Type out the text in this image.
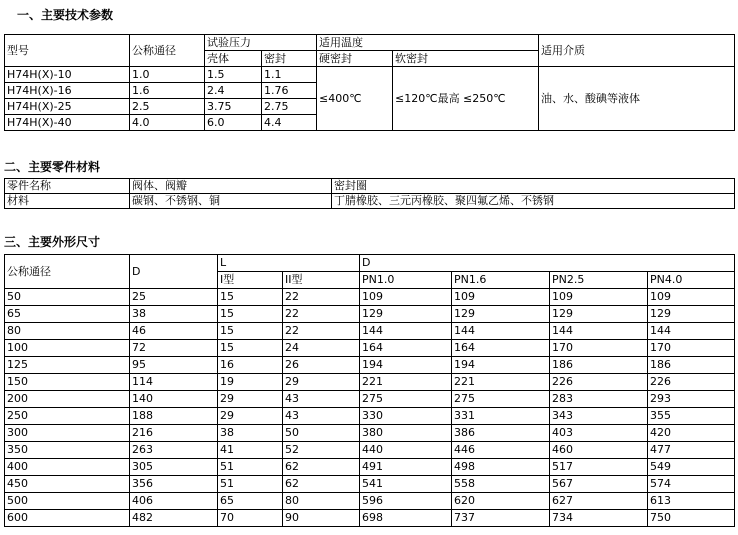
一、主要技术参数
型号	公称通径	试验压力		适用温度		适用介质
		壳体	密封	硬密封	软密封	
H74H(X)-10	1.0	1.5	1.1	≤400℃	≤120℃最高 ≤250℃	油、水、酸碘等液体
H74H(X)-16	1.6	2.4	1.76			
H74H(X)-25	2.5	3.75	2.75			
H74H(X)-40	4.0	6.0	4.4			
二、主要零件材料
零件名称	阀体、阀瓣	密封圈
材料	碳钢、不锈钢、铜	丁腈橡胶、三元丙橡胶、聚四氟乙烯、不锈钢
三、主要外形尺寸
公称通径	D	L		D			
		I型	II型	PN1.0	PN1.6	PN2.5	PN4.0
50	25	15	22	109	109	109	109
65	38	15	22	129	129	129	129
80	46	15	22	144	144	144	144
100	72	15	24	164	164	170	170
125	95	16	26	194	194	186	186
150	114	19	29	221	221	226	226
200	140	29	43	275	275	283	293
250	188	29	43	330	331	343	355
300	216	38	50	380	386	403	420
350	263	41	52	440	446	460	477
400	305	51	62	491	498	517	549
450	356	51	62	541	558	567	574
500	406	65	80	596	620	627	613
600	482	70	90	698	737	734	750
